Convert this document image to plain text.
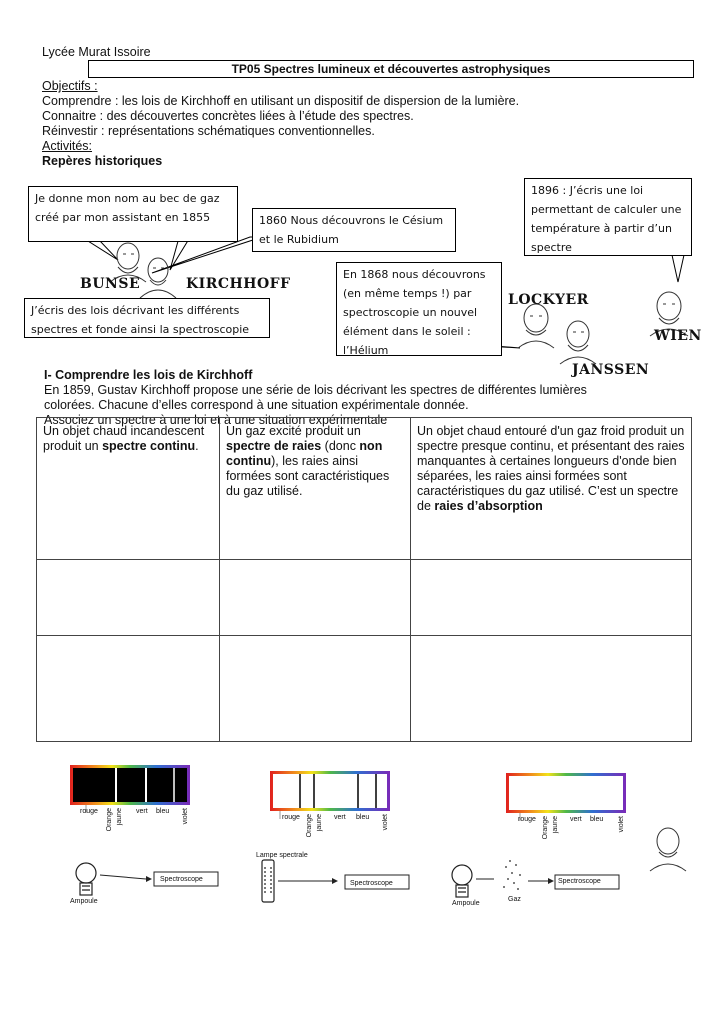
Lycée Murat Issoire
TP05 Spectres lumineux et découvertes astrophysiques
Objectifs :
Comprendre : les lois de Kirchhoff en utilisant un dispositif de dispersion de la lumière.
Connaitre : des découvertes concrètes liées à l’étude des spectres.
Réinvestir : représentations schématiques conventionnelles.
Activités:
Repères historiques
Je donne mon nom au bec de gaz créé par mon assistant en 1855	1860 Nous découvrons le Césium et le Rubidium
En 1868 nous découvrons (en même temps !) par spectroscopie un nouvel élément dans le soleil : l’Hélium
1896 : J’écris une loi permettant de calculer une température à partir d’un spectre
J’écris des lois décrivant les différents spectres et fonde ainsi la spectroscopie
BUNSE	KIRCHHOFF
LOCKYER
WIEN
JANSSEN
I- Comprendre les lois de Kirchhoff
En 1859, Gustav Kirchhoff propose une série de lois décrivant les spectres de différentes lumières
colorées. Chacune d’elles correspond à une situation expérimentale donnée.
Associez un spectre à une loi et à une situation expérimentale
Un objet chaud incandescent produit un spectre continu.	Un gaz excité produit un spectre de raies (donc non continu), les raies ainsi formées sont caractéristiques du gaz utilisé.	Un objet chaud entouré d'un gaz froid produit un spectre presque continu, et présentant des raies manquantes à certaines longueurs d'onde bien séparées, les raies ainsi formées sont caractéristiques du gaz utilisé. C’est un spectre de raies d’absorption

rouge Orange jaune vert bleu violet	rouge Orange jaune vert bleu violet	rouge Orange jaune vert bleu violet
Ampoule
Spectroscope
Lampe spectrale
Spectroscope
Ampoule
Gaz
Spectroscope
